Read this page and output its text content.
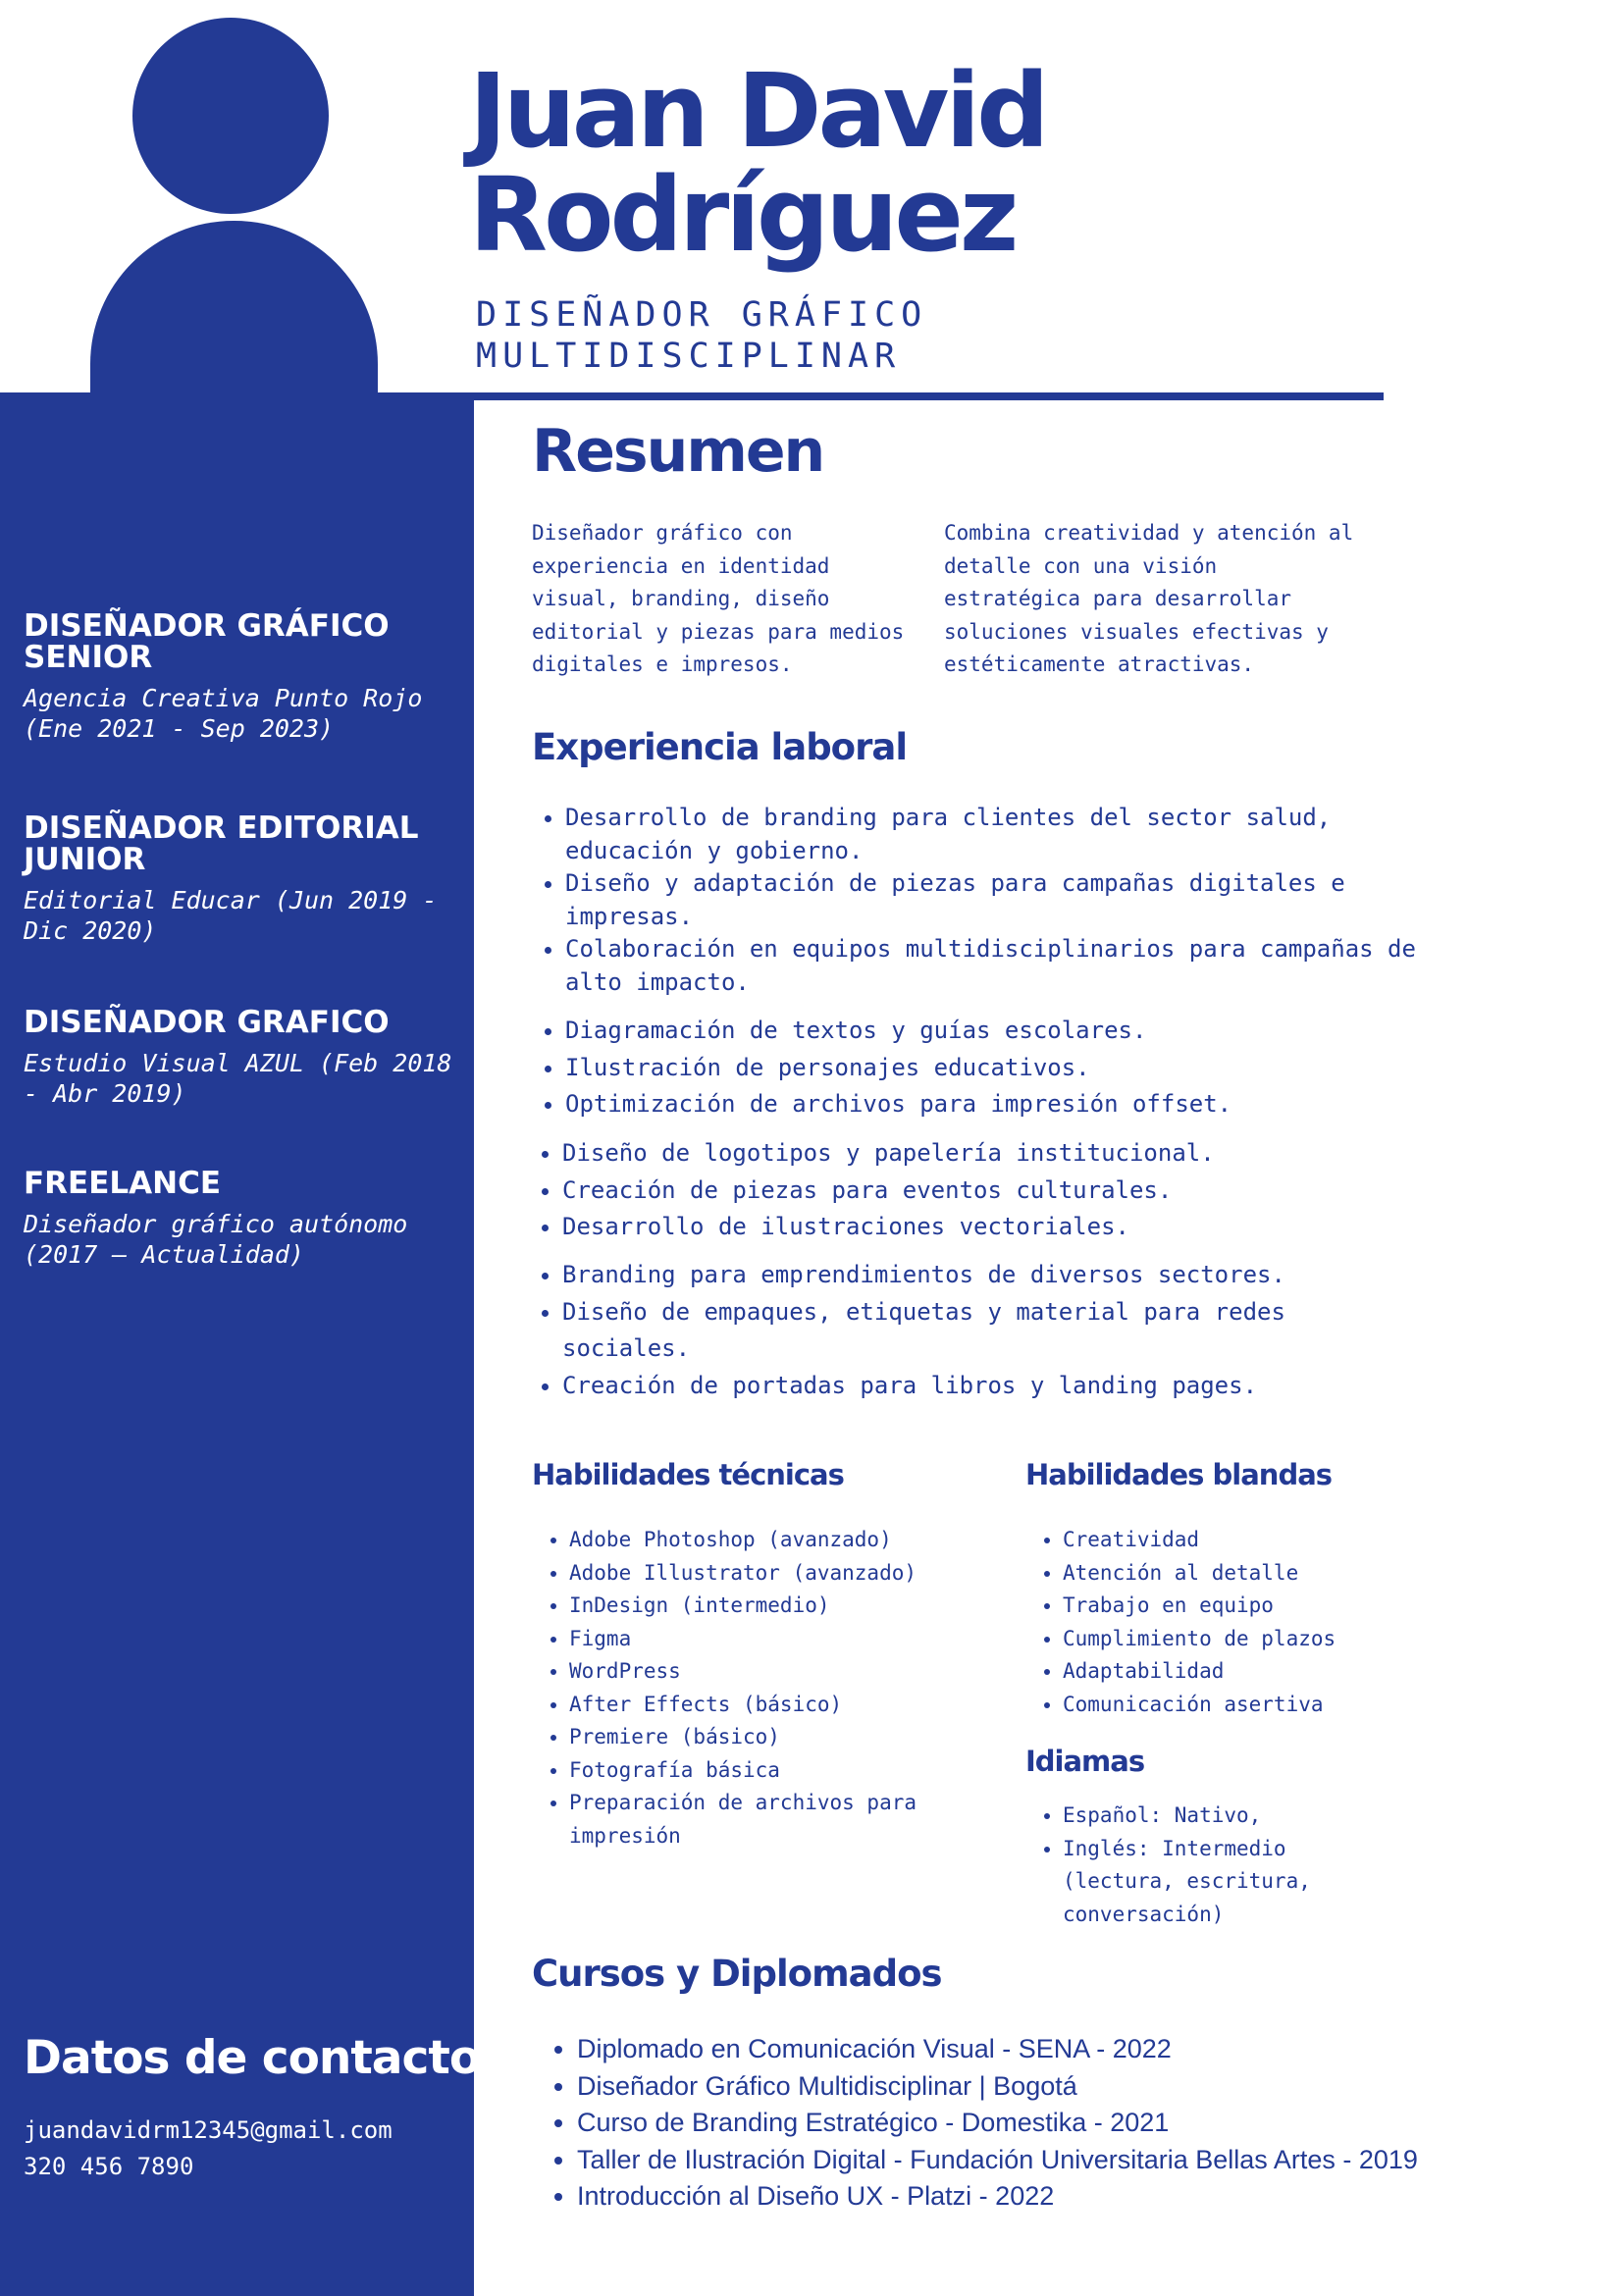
Juan David
Rodríguez
DISEÑADOR GRÁFICO
MULTIDISCIPLINAR

DISEÑADOR GRÁFICO SENIOR

Agencia Creativa Punto Rojo (Ene 2021 - Sep 2023)

DISEÑADOR EDITORIAL JUNIOR

Editorial Educar (Jun 2019 - Dic 2020)

DISEÑADOR GRAFICO

Estudio Visual AZUL (Feb 2018 - Abr 2019)

FREELANCE

Diseñador gráfico autónomo (2017 – Actualidad)

Datos de contacto
juandavidrm12345@gmail.com
320 456 7890
Resumen

Diseñador gráfico con experiencia en identidad visual, branding, diseño editorial y piezas para medios digitales e impresos.

Combina creatividad y atención al detalle con una visión estratégica para desarrollar soluciones visuales efectivas y estéticamente atractivas.

Experiencia laboral
• Desarrollo de branding para clientes del sector salud, educación y gobierno.
• Diseño y adaptación de piezas para campañas digitales e impresas.
• Colaboración en equipos multidisciplinarios para campañas de alto impacto.
• Diagramación de textos y guías escolares.
• Ilustración de personajes educativos.
• Optimización de archivos para impresión offset.
• Diseño de logotipos y papelería institucional.
• Creación de piezas para eventos culturales.
• Desarrollo de ilustraciones vectoriales.
• Branding para emprendimientos de diversos sectores.
• Diseño de empaques, etiquetas y material para redes sociales.
• Creación de portadas para libros y landing pages.
Habilidades técnicas
• Adobe Photoshop (avanzado)
• Adobe Illustrator (avanzado)
• InDesign (intermedio)
• Figma
• WordPress
• After Effects (básico)
• Premiere (básico)
• Fotografía básica
• Preparación de archivos para impresión
Habilidades blandas
• Creatividad
• Atención al detalle
• Trabajo en equipo
• Cumplimiento de plazos
• Adaptabilidad
• Comunicación asertiva
Idiamas
• Español: Nativo,
• Inglés: Intermedio (lectura, escritura, conversación)
Cursos y Diplomados
• Diplomado en Comunicación Visual - SENA - 2022
• Diseñador Gráfico Multidisciplinar | Bogotá
• Curso de Branding Estratégico - Domestika - 2021
• Taller de Ilustración Digital - Fundación Universitaria Bellas Artes - 2019
• Introducción al Diseño UX - Platzi - 2022
